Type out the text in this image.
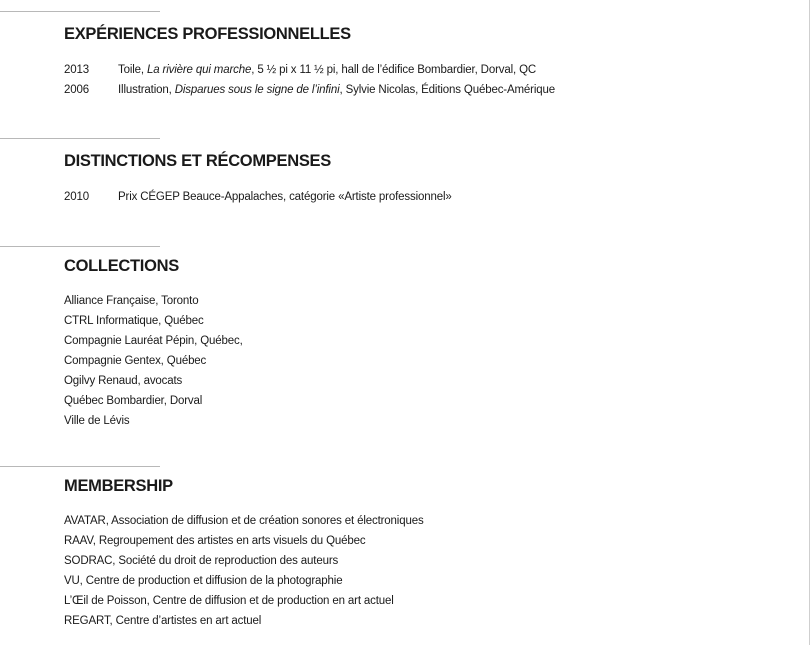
EXPÉRIENCES PROFESSIONNELLES
2013	Toile, La rivière qui marche, 5 ½ pi x 11 ½ pi, hall de l’édifice Bombardier, Dorval, QC
2006	Illustration, Disparues sous le signe de l’infini, Sylvie Nicolas, Éditions Québec-Amérique
DISTINCTIONS ET RÉCOMPENSES
2010	Prix CÉGEP Beauce-Appalaches, catégorie «Artiste professionnel»
COLLECTIONS
Alliance Française, Toronto
CTRL Informatique, Québec
Compagnie Lauréat Pépin, Québec,
Compagnie Gentex, Québec
Ogilvy Renaud, avocats
Québec Bombardier, Dorval
Ville de Lévis
MEMBERSHIP
AVATAR, Association de diffusion et de création sonores et électroniques
RAAV, Regroupement des artistes en arts visuels du Québec
SODRAC, Société du droit de reproduction des auteurs
VU, Centre de production et diffusion de la photographie
L’Œil de Poisson, Centre de diffusion et de production en art actuel
REGART, Centre d’artistes en art actuel
